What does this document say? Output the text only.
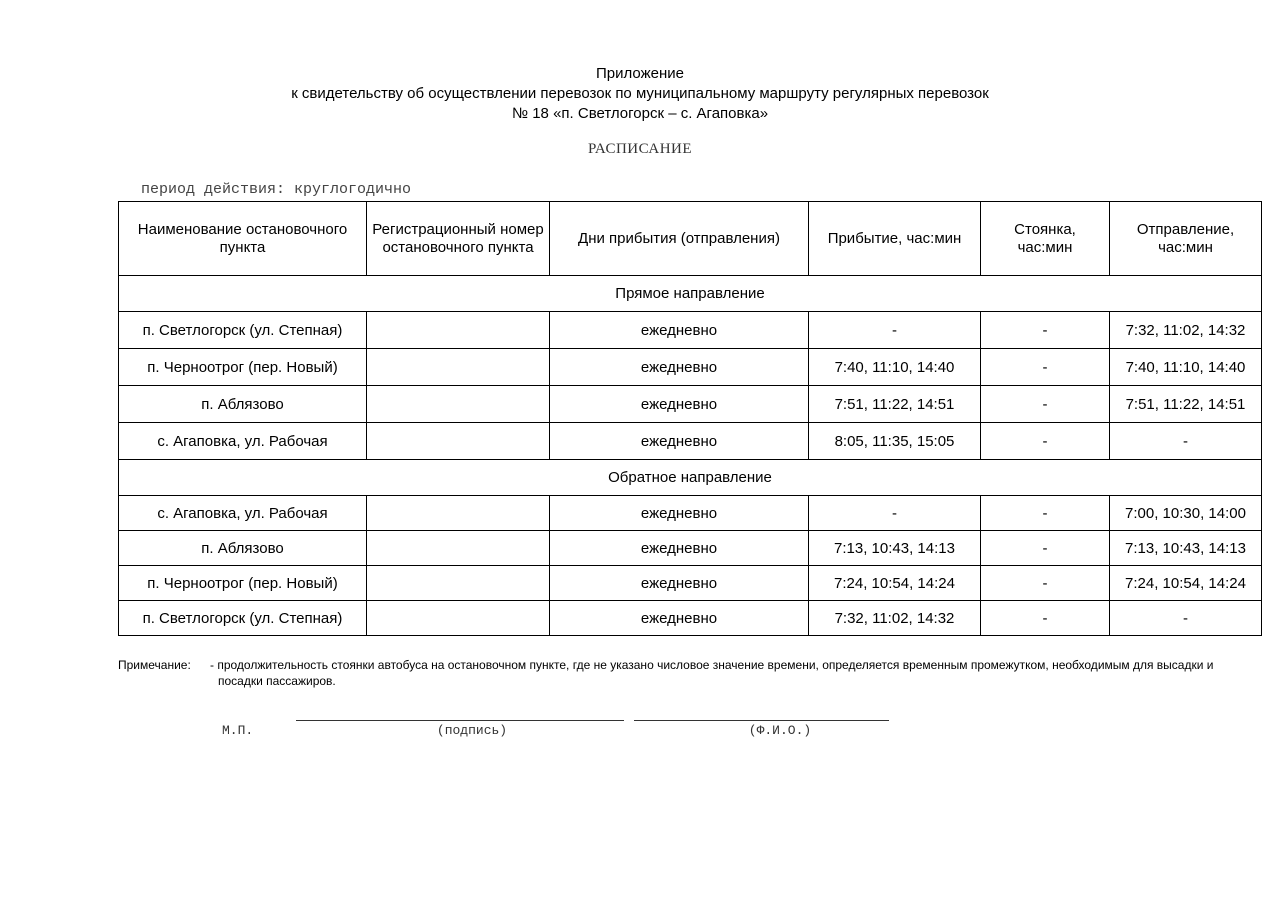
Приложение
к свидетельству об осуществлении перевозок по муниципальному маршруту регулярных перевозок
№ 18 «п. Светлогорск – с. Агаповка»
РАСПИСАНИЕ
период действия: круглогодично
Наименование остановочного пункта	Регистрационный номер остановочного пункта	Дни прибытия (отправления)	Прибытие, час:мин	Стоянка, час:мин	Отправление, час:мин
Прямое направление					
п. Светлогорск (ул. Степная)		ежедневно	-	-	7:32, 11:02, 14:32
п. Черноотрог (пер. Новый)		ежедневно	7:40, 11:10, 14:40	-	7:40, 11:10, 14:40
п. Аблязово		ежедневно	7:51, 11:22, 14:51	-	7:51, 11:22, 14:51
с. Агаповка, ул. Рабочая		ежедневно	8:05, 11:35, 15:05	-	-
Обратное направление					
с. Агаповка, ул. Рабочая		ежедневно	-	-	7:00, 10:30, 14:00
п. Аблязово		ежедневно	7:13, 10:43, 14:13	-	7:13, 10:43, 14:13
п. Черноотрог (пер. Новый)		ежедневно	7:24, 10:54, 14:24	-	7:24, 10:54, 14:24
п. Светлогорск (ул. Степная)		ежедневно	7:32, 11:02, 14:32	-	-
Примечание: - продолжительность стоянки автобуса на остановочном пункте, где не указано числовое значение времени, определяется временным промежутком, необходимым для высадки и посадки пассажиров.
М.П.	(подпись)	(Ф.И.О.)
